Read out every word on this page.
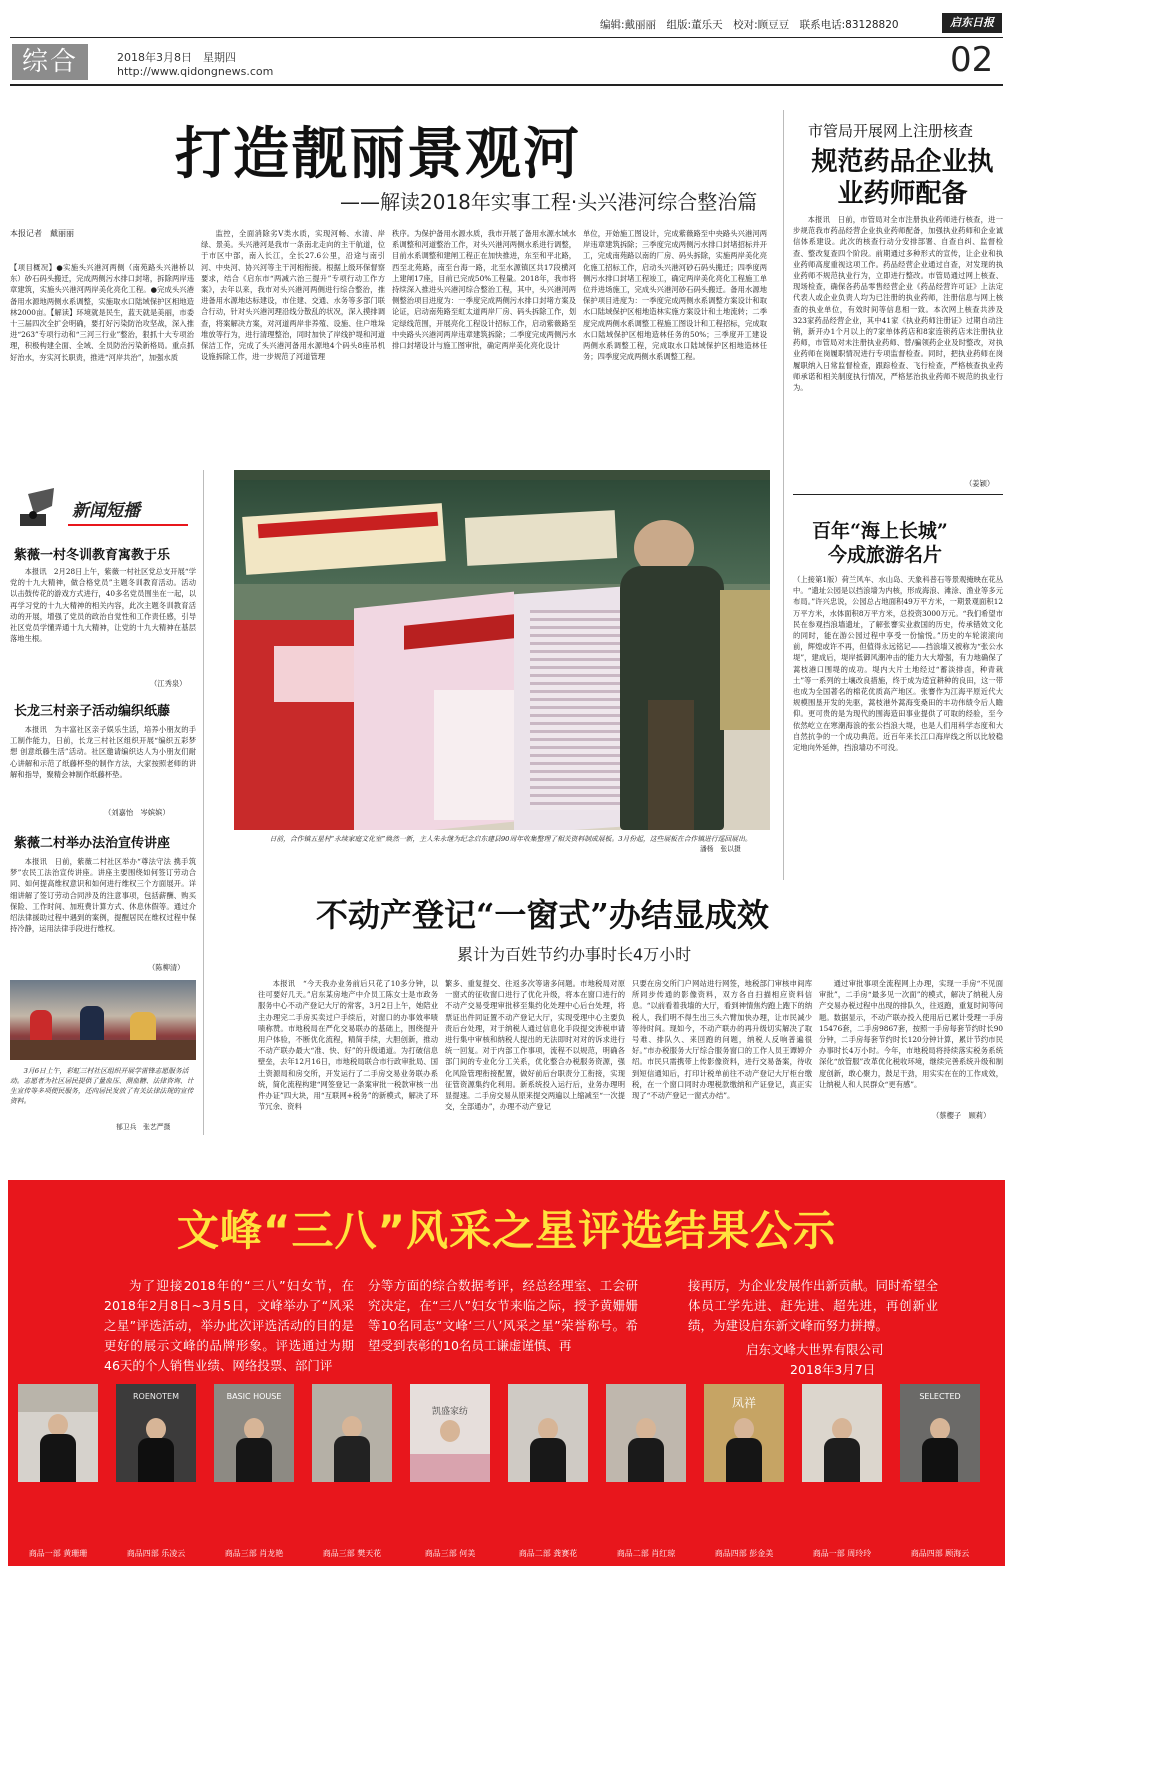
编辑:戴丽丽　组版:董乐天　校对:顾豆豆　联系电话:83128820	启东日报
综合	2018年3月8日　星期四
http://www.qidongnews.com	02
打造靓丽景观河
——解读2018年实事工程·头兴港河综合整治篇
本报记者　戴丽丽
【项目概况】●实施头兴港河两侧（南苑路头兴港桥以东）砂石码头搬迁，完成两侧污水排口封堵，拆除两岸违章建筑，实施头兴港河两岸美化亮化工程。●完成头兴港备用水源地两侧水系调整，实施取水口陆域保护区相地造林2000亩。【解读】环境就是民生，蓝天就是美丽，市委十三届四次全扩会明确，要打好污染防治攻坚战，深入推进“263”专项行动和“三河三行业”整治，狠抓十大专项治理，积极构建全面、全域、全员防治污染新格局。重点抓好治水，夯实河长职责，推进“河岸共治”，加强水质
监控，全面消除劣Ⅴ类水质，实现河畅、水清、岸绿、景美。头兴港河是我市一条南北走向的主干航道，位于市区中部，南入长江，全长27.6公里，沿途与南引河、中央河、协兴河等主干河相衔接。根据上级环保督察要求，结合《启东市“两减六治三提升”专项行动工作方案》，去年以来，我市对头兴港河两侧进行综合整治，推进备用水源地达标建设，市住建、交通、水务等多部门联合行动，针对头兴港河理沿线分散乱的状况，深入摸排调查，将案解决方案，对河道两岸非养殖、设施、住户堆垛堆放等行为，进行清理整治，同时加快了岸线护堤和河道保洁工作，完成了头兴港河备用水源地4个码头8座吊机设施拆除工作，进一步规范了河道管理
秩序。为保护备用水源水质，我市开展了备用水源水域水系调整和河道整治工作，对头兴港河两侧水系进行调整，目前水系调整和建闸工程正在加快推进，东至和平北路，西至北苑路，南至台海一路，北至水源镇区共17段横河上建闸17座，目前已完成50%工程量。2018年，我市将持续深入推进头兴港河综合整治工程，其中，头兴港河两侧整治项目进度为：一季度完成两侧污水排口封堵方案及论证，启动南苑路至虹太道两岸厂房、码头拆除工作，划定绿线范围，开展亮化工程设计招标工作，启动紫薇路至中央路头兴港河两岸违章建筑拆除；二季度完成两侧污水排口封堵设计与施工图审批，确定两岸美化亮化设计
单位，开始施工图设计，完成紫薇路至中央路头兴港河两岸违章建筑拆除；三季度完成两侧污水排口封堵招标并开工，完成南苑路以南的厂房、码头拆除，实施两岸美化亮化施工招标工作，启动头兴港河砂石码头搬迁；四季度两侧污水排口封堵工程竣工，确定两岸美化亮化工程施工单位并进场施工，完成头兴港河砂石码头搬迁。备用水源地保护项目进度为：一季度完成两侧水系调整方案设计和取水口陆域保护区相地造林实施方案设计和土地流转；二季度完成两侧水系调整工程施工图设计和工程招标，完成取水口陆域保护区相地造林任务的50%；三季度开工建设两侧水系调整工程，完成取水口陆域保护区相地造林任务；四季度完成两侧水系调整工程。
市管局开展网上注册核查
规范药品企业执业药师配备
本报讯　日前，市管局对全市注册执业药师进行核查，进一步规范我市药品经营企业执业药师配备，加强执业药师和企业诚信体系建设。此次的核查行动分安排部署、自查自纠、监督检查、整改复查四个阶段。前期通过多种形式的宣传，让企业和执业药师高度重视这项工作。药品经营企业通过自查，对发现的执业药师不规范执业行为，立即进行整改。市管局通过网上核查、现场检查，确保各药品零售经营企业《药品经营许可证》上法定代表人或企业负责人均为已注册的执业药师，注册信息与网上核查的执业单位，有效时间等信息相一致。本次网上核查共涉及323家药品经营企业，其中41家《执业药师注册证》过期自动注销，新开办1个月以上的7家单体药店和8家连锁药店未注册执业药师，市管局对未注册执业药师、替/骗领药企业及时整改，对执业药师在岗履职情况进行专项监督检查。同时，把执业药师在岗履职纳入日常监督检查，跟踪检查、飞行检查，严格核查执业药师承诺和相关制度执行情况，严格惩治执业药师不规范的执业行为。
（姜颖）
百年“海上长城”
今成旅游名片
（上接第1版）荷兰风车、水山岛、天象科普石等景观掩映在花丛中。“遗址公园是以挡浪墙为内核，形成海浪、滩涂、渔业等多元布局。”许兴忠说，公园总占地面积49万平方米，一期景观面积12万平方米，水体面积8万平方米，总投资3000万元。“我们希望市民在参观挡浪墙遗址，了解张謇实业救国的历史，传承错效文化的同时，能在游公园过程中享受一份愉悦。”历史的车轮滚滚向前，辉煌或许不再，但值得永远铭记——挡浪墙又被称为“张公水堤”，建成后，堤岸抵御风潮冲击的能力大大增强，有力地确保了蒿枝港口围堤的成功。堤内大片土地经过“蓄淡排卤，种青栽土”等一系列的土壤改良措施，终于成为适宜耕种的良田，这一带也成为全国著名的棉花优质高产地区。张謇作为江海平原近代大规模围垦开发的先驱，蒿枝港外蒿海变桑田的丰功伟绩令后人瞻仰。更可贵的是为现代的围海造田事业提供了可取的经验，至今依然屹立在寒潮海浪的张公挡浪大堤，也是人们用科学态度和大自然抗争的一个成功典范。近百年来长江口海岸线之所以比较稳定地向外延伸，挡浪墙功不可没。
新闻短播
紫薇一村冬训教育寓教于乐
本报讯　2月28日上午，紫薇一村社区党总支开展“学党的十九大精神，做合格党员”主题冬训教育活动。活动以击鼓传花的游戏方式进行，40多名党员围坐在一起，以再学习党的十九大精神的相关内容，此次主题冬训教育活动的开展，增强了党员的政治自觉性和工作责任感，引导社区党员学懂弄通十九大精神，让党的十九大精神在基层落地生根。
（江秀泉）
长龙三村亲子活动编织纸藤
本报讯　为丰富社区亲子娱乐生活，培养小朋友的手工制作能力，日前，长龙三村社区组织开展“编织五彩梦想 创意纸藤生活”活动。社区邀请编织达人为小朋友们耐心讲解和示范了纸藤杯垫的制作方法，大家按照老师的讲解和指导，聚精会神制作纸藤杯垫。
（刘嘉怡　岑嫔嫔）
紫薇二村举办法治宣传讲座
本报讯　日前，紫薇二村社区举办“尊法守法 携手筑梦”农民工法治宣传讲座。讲座主要围绕如何签订劳动合同、如何提高维权意识和如何进行维权三个方面展开。详细讲解了签订劳动合同涉及的注意事项，包括薪酬、购买保险、工作时间、加班费计算方式、休息休假等。通过介绍法律援助过程中遇到的案例，提醒居民在维权过程中保持冷静，运用法律手段进行维权。
（陈柳清）
3月6日上午，彩虹三村社区组织开展学雷锋志愿服务活动。志愿者为社区居民提供了量血压、测血糖、法律咨询、计生宣传等多项便民服务，还向居民发放了有关法律法规的宣传资料。
郁卫兵　张艺严摄
日前，合作镇五星村“永续家庭文化室”焕然一新，主人朱永继为纪念启东建县90周年收集整理了相关资料制成展板。3月份起，这些展板在合作镇进行巡回展出。
潘杨　张以摄
不动产登记“一窗式”办结显成效
累计为百姓节约办事时长4万小时
本报讯　“今天我办业务前后只花了10多分钟，以往可要好几天。”启东某房地产中介员工陈女士是市政务服务中心不动产登记大厅的常客，3月2日上午，她陪业主办理完二手房买卖过户手续后，对窗口的办事效率啧啧称赞。市地税局在严化交易联办的基础上，围绕提升用户体验，不断优化流程，精简手续，大胆创新，推动不动产联办最大“准、快、好”的升级通道。为打破信息壁垒，去年12月16日，市地税局联合市行政审批局、国土资源局和房交所，开发运行了二手房交易业务联办系统，简化流程构建“网签登记一条案审批一税款审核一出件办证”四大块，用“互联网+税务”的新模式，解决了环节冗余、资料
繁多、重复提交、往返多次等诸多问题。市地税局对原一窗式的征收窗口进行了优化升级，将本在窗口进行的不动产交易受理审批移至集约化处理中心后台处理，将票证出件同证置不动产登记大厅，实现受理中心主要负责后台处理，对于纳税人通过信息化手段提交涉税申请进行集中审核和纳税人提出的无法即时对对的诉求进行统一回复。对于内部工作事项，流程不以规范，明确各部门间的专业化分工关系，优化整合办税服务资源，强化风险管理衔接配置，做好前后台职责分工衔接，实现征管资源集约化利用。新系统投入运行后，业务办理明显提速。二手房交易从原来提交两遍以上缩减至“一次提交，全部通办”，办理不动产登记
只要在房交所门户网站进行网签，地税部门审核申间库所同步传通的影像资料，双方各自扫描相应资料信息。“以前看着我墙的大厅，看到神情焦灼跑上跑下的纳税人，我们明不得生出三头六臂加快办理，让市民减少等待时间。现如今，不动产联办的再升级切实解决了取号难、排队久、来回跑的问题，纳税人反响普遍很好。”市办税服务大厅综合服务窗口的工作人员王谭婷介绍。市民只需携带上传影像资料，进行交易备案，待收到短信通知后，打印计税单前往不动产登记大厅柜台缴税，在一个窗口同时办理税款缴纳和产证登记，真正实现了“不动产登记一窗式办结”。
通过审批事项全流程网上办理，实现一手房“不见面审批”，二手房“最多见一次面”的模式，解决了纳税人房产交易办税过程中出现的排队久，往返跑，重复时间等问题。数据显示，不动产联办投入使用后已累计受理一手房15476套，二手房9867套，按照一手房每套节约时长90分钟，二手房每套节约时长120分钟计算，累计节约市民办事时长4万小时。今年，市地税局将持续落实税务系统深化“放管服”改革优化税收环境，继续完善系统升级和制度创新，敢心聚力，鼓足干劲，用实实在在的工作成效，让纳税人和人民群众“更有感”。
（蔡樱子　顾莉）
文峰“三八”风采之星评选结果公示
为了迎接2018年的“三八”妇女节，在2018年2月8日~3月5日，文峰举办了“风采之星”评选活动，举办此次评选活动的目的是更好的展示文峰的品牌形象。评选通过为期46天的个人销售业绩、网络投票、部门评
分等方面的综合数据考评，经总经理室、工会研究决定，在“三八”妇女节来临之际，授予黄姗姗等10名同志“文峰‘三八’风采之星”荣誉称号。希望受到表彰的10名员工谦虚谨慎、再
接再厉，为企业发展作出新贡献。同时希望全体员工学先进、赶先进、超先进，再创新业绩，为建设启东新文峰而努力拼搏。
启东文峰大世界有限公司
2018年3月7日
ROENOTEM	BASIC HOUSE
凯盛家纺
凤祥	SELECTED
商品一部 黄珊珊	商品四部 乐凌云	商品三部 肖龙艳	商品三部 樊天花	商品三部 何美	商品二部 龚赛花	商品二部 肖红琼	商品四部 彭金美	商品一部 周玲玲	商品四部 顾海云
